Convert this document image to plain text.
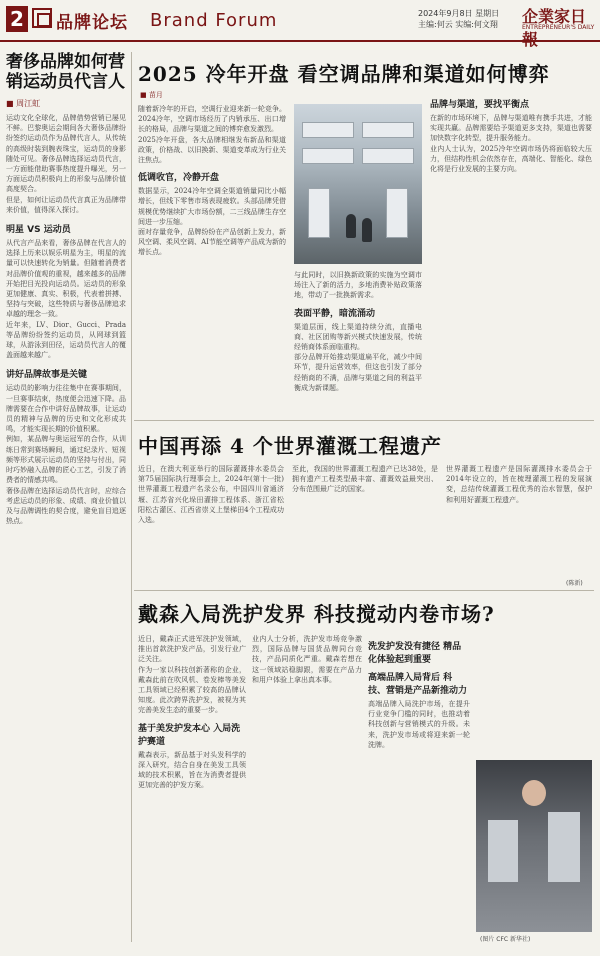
2 品牌论坛 Brand Forum	2024年9月8日 星期日
主编:何云 实编:何文翔 企業家日報
ENTREPRENEUR'S DAILY
奢侈品牌如何营销运动员代言人
■ 周江虹

运动文化全球化，品牌借势营销已屡见不鲜。巴黎奥运会期间各大奢侈品牌纷纷签约运动员作为品牌代言人，从传统的高级时装到腕表珠宝，运动员的身影随处可见。奢侈品牌选择运动员代言，一方面能借助赛事热度提升曝光，另一方面运动员积极向上的形象与品牌价值高度契合。

但是，如何让运动员代言真正为品牌带来价值，值得深入探讨。

明星 VS 运动员

从代言产品来看，奢侈品牌在代言人的选择上历来以娱乐明星为主，明星的流量可以快速转化为销量。但随着消费者对品牌价值观的重视，越来越多的品牌开始把目光投向运动员。运动员的形象更加健康、真实、积极，代表着拼搏、坚持与突破，这些特质与奢侈品牌追求卓越的理念一致。

近年来，LV、Dior、Gucci、Prada等品牌纷纷签约运动员，从网球到篮球，从游泳到田径，运动员代言人的覆盖面越来越广。

讲好品牌故事是关键

运动员的影响力往往集中在赛事期间，一旦赛事结束，热度便会迅速下降。品牌需要在合作中讲好品牌故事，让运动员的精神与品牌的历史和文化形成共鸣，才能实现长期的价值积累。

例如，某品牌与奥运冠军的合作，从训练日常到赛场瞬间，通过纪录片、短视频等形式展示运动员的坚持与付出，同时巧妙融入品牌的匠心工艺，引发了消费者的情感共鸣。

奢侈品牌在选择运动员代言时，应综合考虑运动员的形象、成绩、商业价值以及与品牌调性的契合度，避免盲目追逐热点。

2025 冷年开盘 看空调品牌和渠道如何博弈
■ 苗月

随着新冷年的开启，空调行业迎来新一轮竞争。2024冷年，空调市场经历了内销承压、出口增长的格局，品牌与渠道之间的博弈愈发激烈。

2025冷年开盘，各大品牌相继发布新品和渠道政策，价格战、以旧换新、渠道变革成为行业关注焦点。

低调收官，冷静开盘

数据显示，2024冷年空调全渠道销量同比小幅增长，但线下零售市场表现疲软。头部品牌凭借规模优势继续扩大市场份额，二三线品牌生存空间进一步压缩。

面对存量竞争，品牌纷纷在产品创新上发力，新风空调、柔风空调、AI节能空调等产品成为新的增长点。

与此同时，以旧换新政策的实施为空调市场注入了新的活力，多地消费补贴政策落地，带动了一批换新需求。

表面平静，暗流涌动

渠道层面，线上渠道持续分流，直播电商、社区团购等新兴模式快速发展，传统经销商体系面临重构。

部分品牌开始推动渠道扁平化，减少中间环节，提升运营效率，但这也引发了部分经销商的不满，品牌与渠道之间的利益平衡成为新课题。

品牌与渠道，要找平衡点

在新的市场环境下，品牌与渠道唯有携手共进，才能实现共赢。品牌需要给予渠道更多支持，渠道也需要加快数字化转型，提升服务能力。

业内人士认为，2025冷年空调市场仍将面临较大压力，但结构性机会依然存在，高端化、智能化、绿色化将是行业发展的主要方向。

中国再添 4 个世界灌溉工程遗产

近日，在澳大利亚举行的国际灌溉排水委员会第75届国际执行理事会上，2024年(第十一批)世界灌溉工程遗产名录公布，中国四川省通济堰、江苏省兴化垛田灌排工程体系、浙江省松阳松古灌区、江西省崇义上堡梯田4个工程成功入选。

至此，我国的世界灌溉工程遗产已达38处，是拥有遗产工程类型最丰富、灌溉效益最突出、分布范围最广泛的国家。

世界灌溉工程遗产是国际灌溉排水委员会于2014年设立的，旨在梳理灌溉工程的发展演变，总结传统灌溉工程优秀的治水智慧，保护和利用好灌溉工程遗产。

(陈新)
戴森入局洗护发界 科技搅动内卷市场?

近日，戴森正式进军洗护发领域，推出首款洗护发产品，引发行业广泛关注。

作为一家以科技创新著称的企业，戴森此前在吹风机、卷发棒等美发工具领域已经积累了较高的品牌认知度。此次跨界洗护发，被视为其完善美发生态的重要一步。

基于美发护发本心 入局洗护赛道

戴森表示，新品基于对头发科学的深入研究，结合自身在美发工具领域的技术积累，旨在为消费者提供更加完善的护发方案。

业内人士分析，洗护发市场竞争激烈，国际品牌与国货品牌同台竞技，产品同质化严重。戴森若想在这一领域站稳脚跟，需要在产品力和用户体验上拿出真本事。

洗发护发没有捷径 精品化体验起到重要
高端品牌入局背后 科技、营销是产品新推动力

高端品牌入局洗护市场，在提升行业竞争门槛的同时，也推动着科技创新与营销模式的升级。未来，洗护发市场或将迎来新一轮洗牌。

(图片 CFC 新华社)
